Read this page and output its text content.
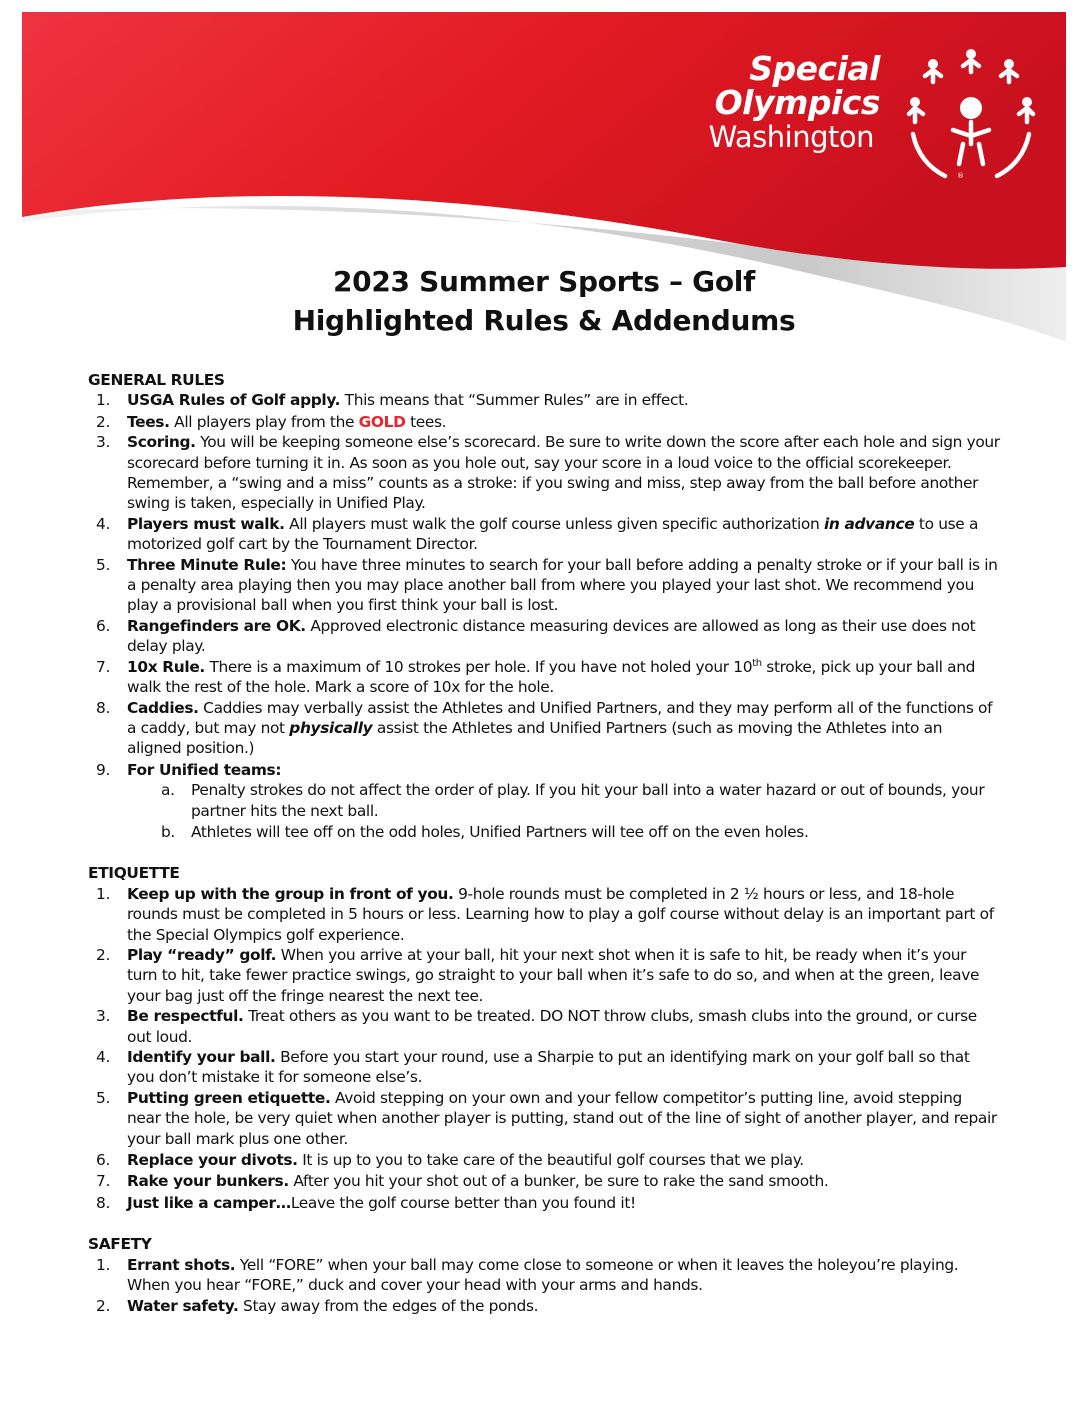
Special
Olympics
Washington
®
2023 Summer Sports – Golf
Highlighted Rules & Addendums
GENERAL RULES
1. USGA Rules of Golf apply. This means that “Summer Rules” are in effect.
2. Tees. All players play from the GOLD tees.
3. Scoring. You will be keeping someone else’s scorecard. Be sure to write down the score after each hole and sign your scorecard before turning it in. As soon as you hole out, say your score in a loud voice to the official scorekeeper. Remember, a “swing and a miss” counts as a stroke: if you swing and miss, step away from the ball before another swing is taken, especially in Unified Play.
4. Players must walk. All players must walk the golf course unless given specific authorization in advance to use a motorized golf cart by the Tournament Director.
5. Three Minute Rule: You have three minutes to search for your ball before adding a penalty stroke or if your ball is in a penalty area playing then you may place another ball from where you played your last shot. We recommend you play a provisional ball when you first think your ball is lost.
6. Rangefinders are OK. Approved electronic distance measuring devices are allowed as long as their use does not delay play.
7. 10x Rule. There is a maximum of 10 strokes per hole. If you have not holed your 10th stroke, pick up your ball and walk the rest of the hole. Mark a score of 10x for the hole.
8. Caddies. Caddies may verbally assist the Athletes and Unified Partners, and they may perform all of the functions of a caddy, but may not physically assist the Athletes and Unified Partners (such as moving the Athletes into an aligned position.)
9. For Unified teams:
a. Penalty strokes do not affect the order of play. If you hit your ball into a water hazard or out of bounds, your partner hits the next ball.
b. Athletes will tee off on the odd holes, Unified Partners will tee off on the even holes.
ETIQUETTE
1. Keep up with the group in front of you. 9-hole rounds must be completed in 2 ½ hours or less, and 18-hole rounds must be completed in 5 hours or less. Learning how to play a golf course without delay is an important part of the Special Olympics golf experience.
2. Play “ready” golf. When you arrive at your ball, hit your next shot when it is safe to hit, be ready when it’s your turn to hit, take fewer practice swings, go straight to your ball when it’s safe to do so, and when at the green, leave your bag just off the fringe nearest the next tee.
3. Be respectful. Treat others as you want to be treated. DO NOT throw clubs, smash clubs into the ground, or curse out loud.
4. Identify your ball. Before you start your round, use a Sharpie to put an identifying mark on your golf ball so that you don’t mistake it for someone else’s.
5. Putting green etiquette. Avoid stepping on your own and your fellow competitor’s putting line, avoid stepping near the hole, be very quiet when another player is putting, stand out of the line of sight of another player, and repair your ball mark plus one other.
6. Replace your divots. It is up to you to take care of the beautiful golf courses that we play.
7. Rake your bunkers. After you hit your shot out of a bunker, be sure to rake the sand smooth.
8. Just like a camper…Leave the golf course better than you found it!
SAFETY
1. Errant shots. Yell “FORE” when your ball may come close to someone or when it leaves the holeyou’re playing. When you hear “FORE,” duck and cover your head with your arms and hands.
2. Water safety. Stay away from the edges of the ponds.
